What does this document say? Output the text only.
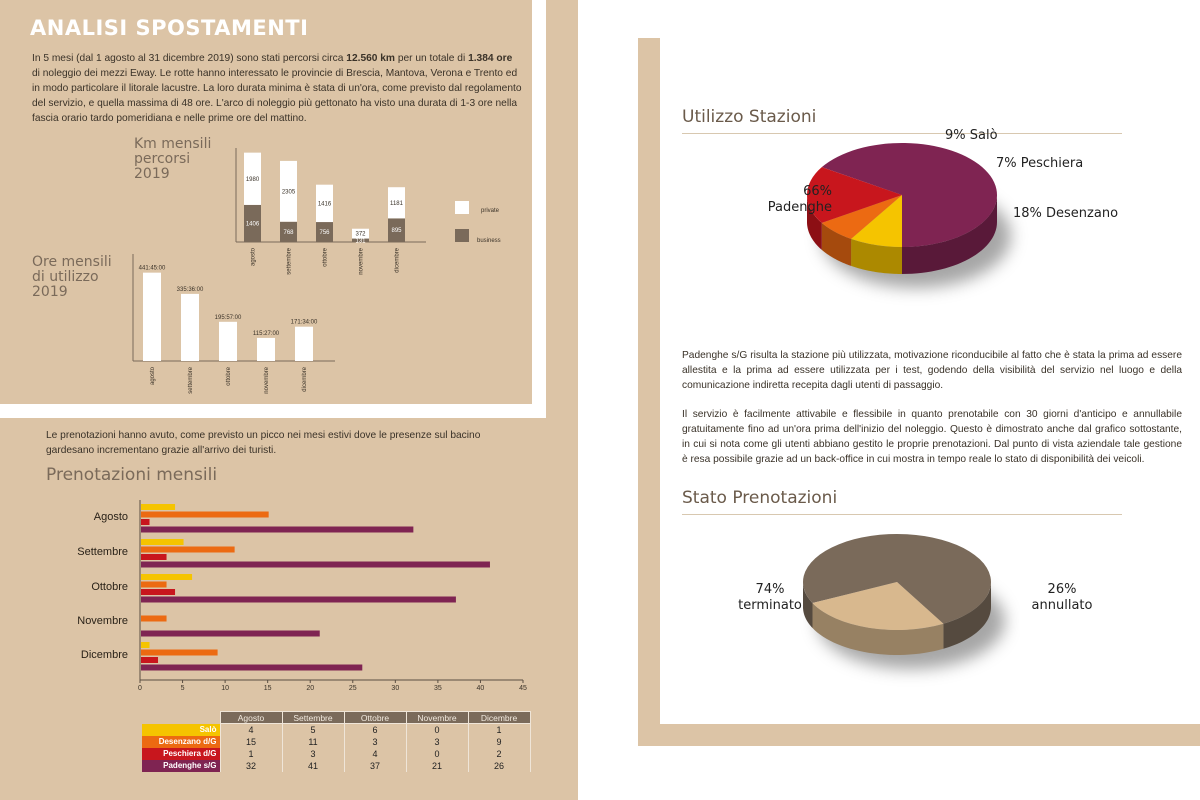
ANALISI SPOSTAMENTI
In 5 mesi (dal 1 agosto al 31 dicembre 2019) sono stati percorsi circa 12.560 km per un totale di 1.384 ore di noleggio dei mezzi Eway. Le rotte hanno interessato le provincie di Brescia, Mantova, Verona e Trento ed in modo particolare il litorale lacustre. La loro durata minima è stata di un'ora, come previsto dal regolamento del servizio, e quella massima di 48 ore. L'arco di noleggio più gettonato ha visto una durata di 1-3 ore nella fascia orario tardo pomeridiana e nelle prime ore del mattino.
Km mensili
percorsi
2019
1406
1980
agosto
768
2305
settembre
756
1416
ottobre
131
372
novembre
895
1181
dicembre
private
business
Ore mensili
di utilizzo
2019
441:45:00
agosto
335:36:00
settembre
195:57:00
ottobre
115:27:00
novembre
171:34:00
dicembre
Le prenotazioni hanno avuto, come previsto un picco nei mesi estivi dove le presenze sul bacino gardesano incrementano grazie all'arrivo dei turisti.
Prenotazioni mensili
0	5	10	15	20	25	30	35	40	45
Agosto
Settembre
Ottobre
Novembre
Dicembre
	Agosto	Settembre	Ottobre	Novembre	Dicembre
Salò	4	5	6	0	1
Desenzano d/G	15	11	3	3	9
Peschiera d/G	1	3	4	0	2
Padenghe s/G	32	41	37	21	26
Utilizzo Stazioni
66%
Padenghe
9% Salò
7% Peschiera
18% Desenzano
Padenghe s/G risulta la stazione più utilizzata, motivazione riconducibile al fatto che è stata la prima ad essere allestita e la prima ad essere utilizzata per i test, godendo della visibilità del servizio nel luogo e della comunicazione indiretta recepita dagli utenti di passaggio.
Il servizio è facilmente attivabile e flessibile in quanto prenotabile con 30 giorni d'anticipo e annullabile gratuitamente fino ad un'ora prima dell'inizio del noleggio. Questo è dimostrato anche dal grafico sottostante, in cui si nota come gli utenti abbiano gestito le proprie prenotazioni. Dal punto di vista aziendale tale gestione è resa possibile grazie ad un back-office in cui mostra in tempo reale lo stato di disponibilità dei veicoli.
Stato Prenotazioni
74%
terminato
26%
annullato
